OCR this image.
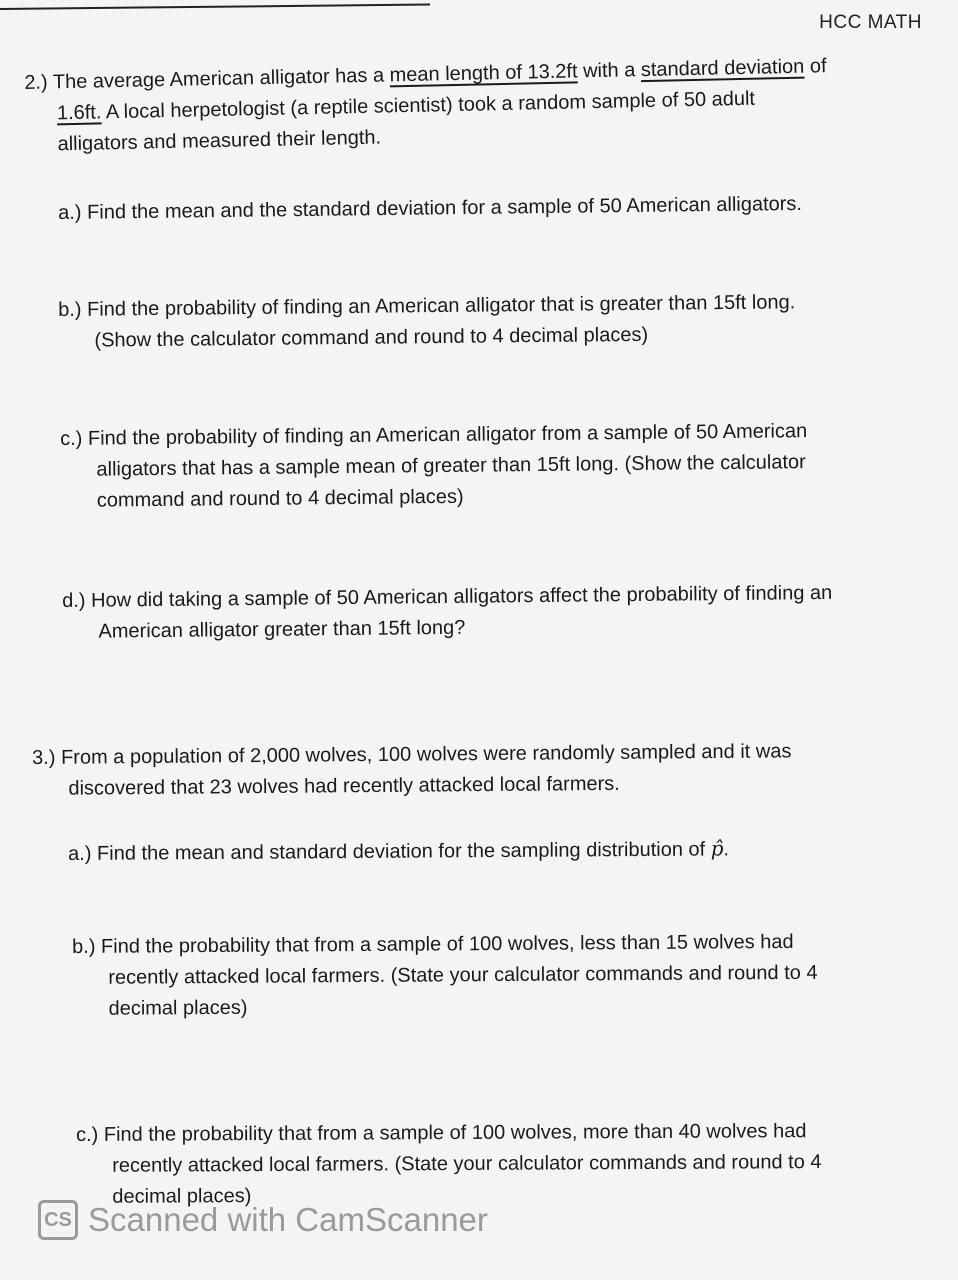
HCC MATH
2.) The average American alligator has a mean length of 13.2ft with a standard deviation of
1.6ft. A local herpetologist (a reptile scientist) took a random sample of 50 adult
alligators and measured their length.
a.) Find the mean and the standard deviation for a sample of 50 American alligators.
b.) Find the probability of finding an American alligator that is greater than 15ft long.
(Show the calculator command and round to 4 decimal places)
c.) Find the probability of finding an American alligator from a sample of 50 American
alligators that has a sample mean of greater than 15ft long. (Show the calculator
command and round to 4 decimal places)
d.) How did taking a sample of 50 American alligators affect the probability of finding an
American alligator greater than 15ft long?
3.) From a population of 2,000 wolves, 100 wolves were randomly sampled and it was
discovered that 23 wolves had recently attacked local farmers.
a.) Find the mean and standard deviation for the sampling distribution of p̂.
b.) Find the probability that from a sample of 100 wolves, less than 15 wolves had
recently attacked local farmers. (State your calculator commands and round to 4
decimal places)
c.) Find the probability that from a sample of 100 wolves, more than 40 wolves had
recently attacked local farmers. (State your calculator commands and round to 4
decimal places)
CS Scanned with CamScanner
